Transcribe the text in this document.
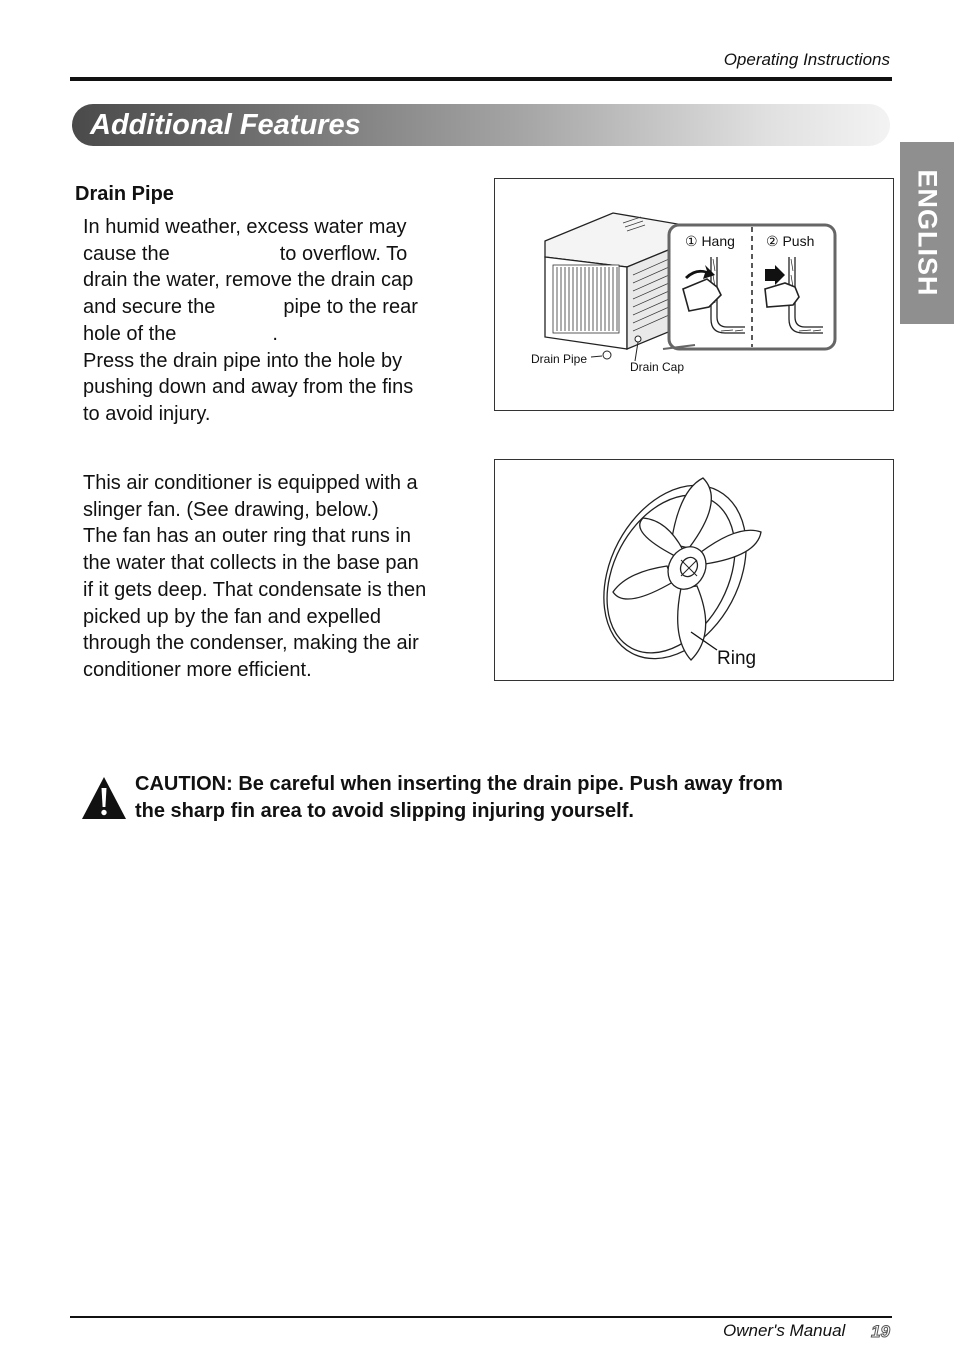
Operating Instructions
Additional Features
ENGLISH
Drain Pipe

In humid weather, excess water may
cause the	to overflow. To
drain the water, remove the drain cap
and secure the	pipe to the rear
hole of the	.
Press the drain pipe into the hole by
pushing down and away from the fins
to avoid injury.

① Hang ② Push
Drain Pipe
Drain Cap

This air conditioner is equipped with a
slinger fan. (See drawing, below.)
The fan has an outer ring that runs in
the water that collects in the base pan
if it gets deep. That condensate is then
picked up by the fan and expelled
through the condenser, making the air
conditioner more efficient.

Ring
CAUTION: Be careful when inserting the drain pipe. Push away from
the sharp fin area to avoid slipping injuring yourself.
Owner's Manual 19
